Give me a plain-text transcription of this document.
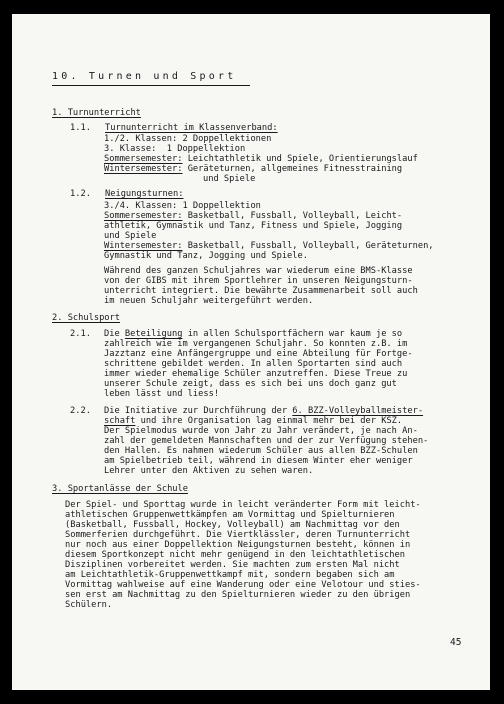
10. Turnen und Sport
1. Turnunterricht
1.1. Turnunterricht im Klassenverband:
1./2. Klassen: 2 Doppellektionen
3. Klasse:  1 Doppellektion
Sommersemester: Leichtathletik und Spiele, Orientierungslauf
Wintersemester: Geräteturnen, allgemeines Fitnesstraining
und Spiele
1.2. Neigungsturnen:
3./4. Klassen: 1 Doppellektion
Sommersemester: Basketball, Fussball, Volleyball, Leicht-
athletik, Gymnastik und Tanz, Fitness und Spiele, Jogging
und Spiele
Wintersemester: Basketball, Fussball, Volleyball, Geräteturnen,
Gymnastik und Tanz, Jogging und Spiele.
Während des ganzen Schuljahres war wiederum eine BMS-Klasse
von der GIBS mit ihrem Sportlehrer in unseren Neigungsturn-
unterricht integriert. Die bewährte Zusammenarbeit soll auch
im neuen Schuljahr weitergeführt werden.
2. Schulsport
2.1. Die Beteiligung in allen Schulsportfächern war kaum je so
zahlreich wie im vergangenen Schuljahr. So konnten z.B. im
Jazztanz eine Anfängergruppe und eine Abteilung für Fortge-
schrittene gebildet werden. In allen Sportarten sind auch
immer wieder ehemalige Schüler anzutreffen. Diese Treue zu
unserer Schule zeigt, dass es sich bei uns doch ganz gut
leben lässt und liess!
2.2. Die Initiative zur Durchführung der 6. BZZ-Volleyballmeister-
schaft und ihre Organisation lag einmal mehr bei der KSZ.
Der Spielmodus wurde von Jahr zu Jahr verändert, je nach An-
zahl der gemeldeten Mannschaften und der zur Verfügung stehen-
den Hallen. Es nahmen wiederum Schüler aus allen BZZ-Schulen
am Spielbetrieb teil, während in diesem Winter eher weniger
Lehrer unter den Aktiven zu sehen waren.
3. Sportanlässe der Schule
Der Spiel- und Sporttag wurde in leicht veränderter Form mit leicht-
athletischen Gruppenwettkämpfen am Vormittag und Spielturnieren
(Basketball, Fussball, Hockey, Volleyball) am Nachmittag vor den
Sommerferien durchgeführt. Die Viertklässler, deren Turnunterricht
nur noch aus einer Doppellektion Neigungsturnen besteht, können in
diesem Sportkonzept nicht mehr genügend in den leichtathletischen
Disziplinen vorbereitet werden. Sie machten zum ersten Mal nicht
am Leichtathletik-Gruppenwettkampf mit, sondern begaben sich am
Vormittag wahlweise auf eine Wanderung oder eine Velotour und sties-
sen erst am Nachmittag zu den Spielturnieren wieder zu den übrigen
Schülern.
45
